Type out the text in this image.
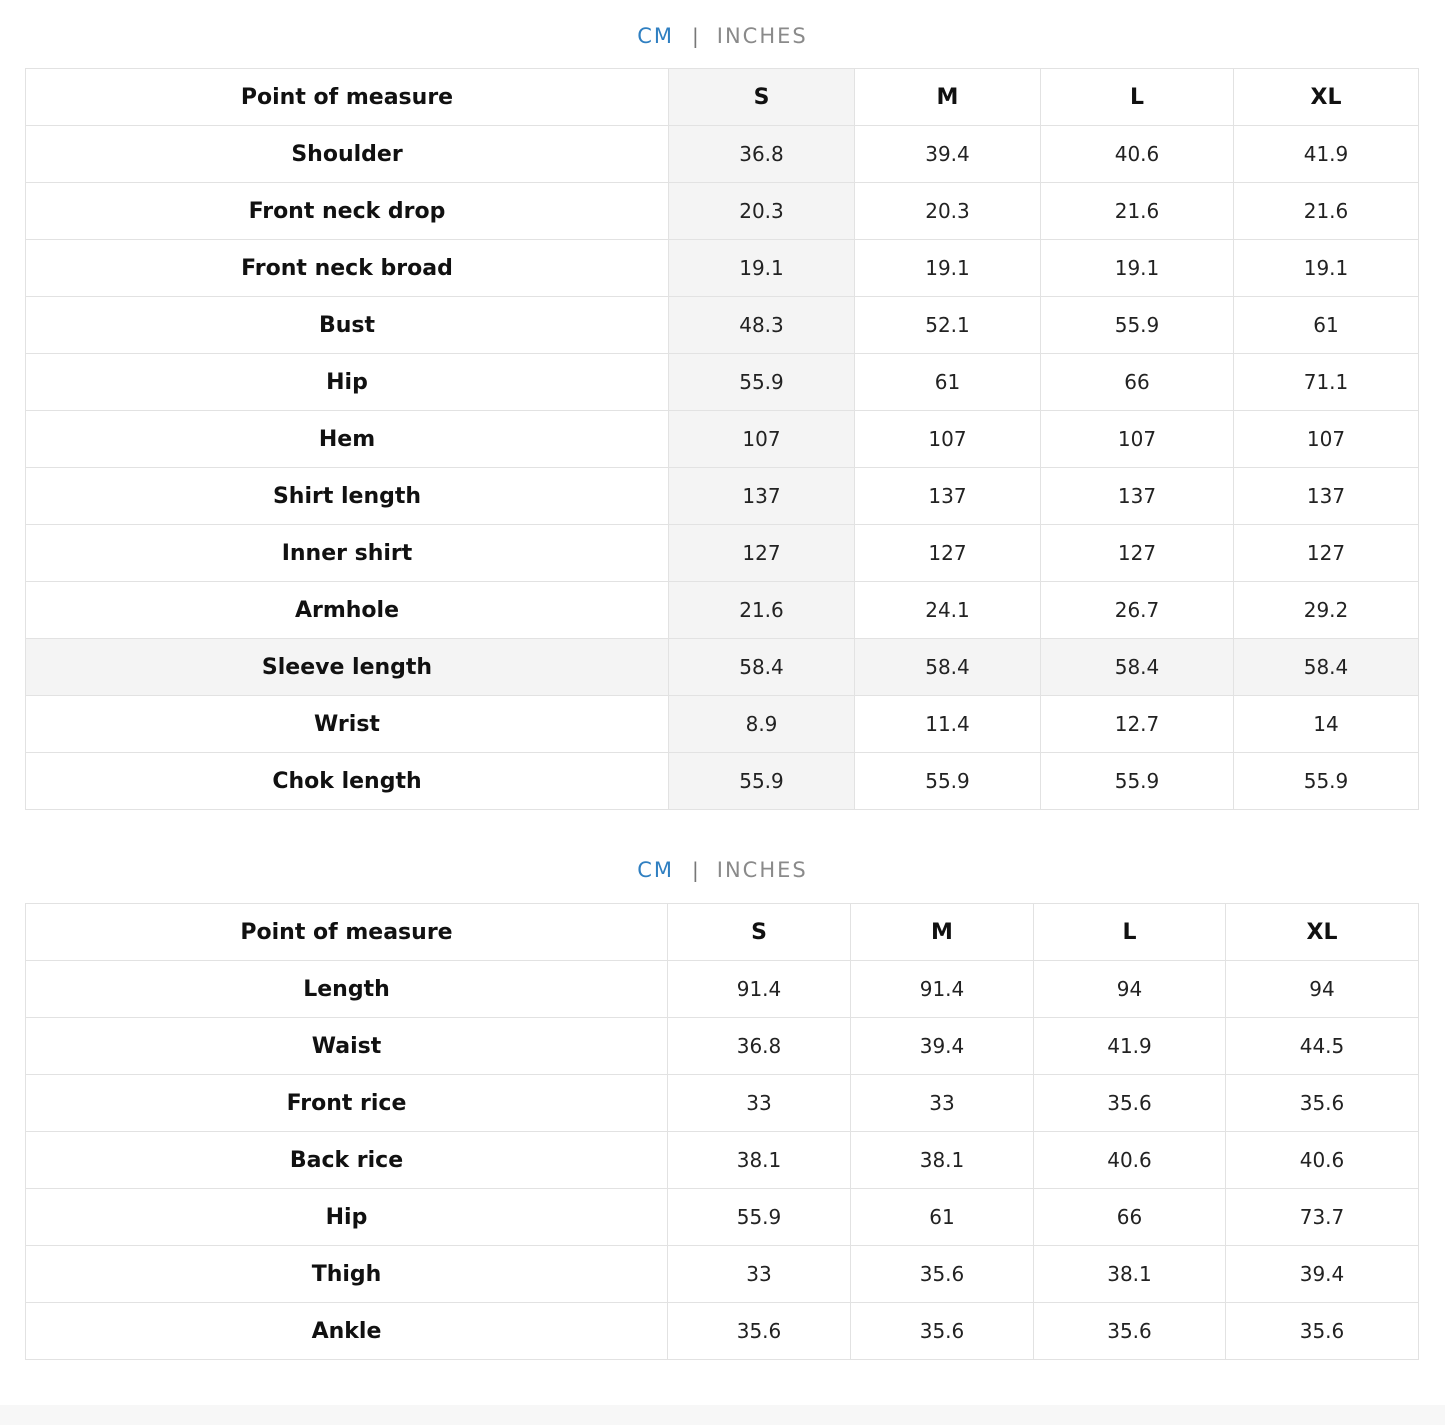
CM | INCHES
Point of measure	S	M	L	XL
Shoulder	36.8	39.4	40.6	41.9
Front neck drop	20.3	20.3	21.6	21.6
Front neck broad	19.1	19.1	19.1	19.1
Bust	48.3	52.1	55.9	61
Hip	55.9	61	66	71.1
Hem	107	107	107	107
Shirt length	137	137	137	137
Inner shirt	127	127	127	127
Armhole	21.6	24.1	26.7	29.2
Sleeve length	58.4	58.4	58.4	58.4
Wrist	8.9	11.4	12.7	14
Chok length	55.9	55.9	55.9	55.9
CM | INCHES
Point of measure	S	M	L	XL
Length	91.4	91.4	94	94
Waist	36.8	39.4	41.9	44.5
Front rice	33	33	35.6	35.6
Back rice	38.1	38.1	40.6	40.6
Hip	55.9	61	66	73.7
Thigh	33	35.6	38.1	39.4
Ankle	35.6	35.6	35.6	35.6
